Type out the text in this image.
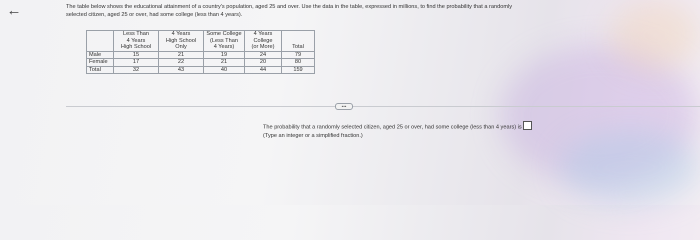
←	The table below shows the educational attainment of a country's population, aged 25 and over. Use the data in the table, expressed in millions, to find the probability that a randomly
selected citizen, aged 25 or over, had some college (less than 4 years).

	Less Than
4 Years
High School	4 Years
High School
Only	Some College
(Less Than
4 Years)	4 Years
College
(or More)	Total

Male	15	21	19	24	79
Female	17	22	21	20	80
Total	32	43	40	44	159
•••
The probability that a randomly selected citizen, aged 25 or over, had some college (less than 4 years) is
(Type an integer or a simplified fraction.)
